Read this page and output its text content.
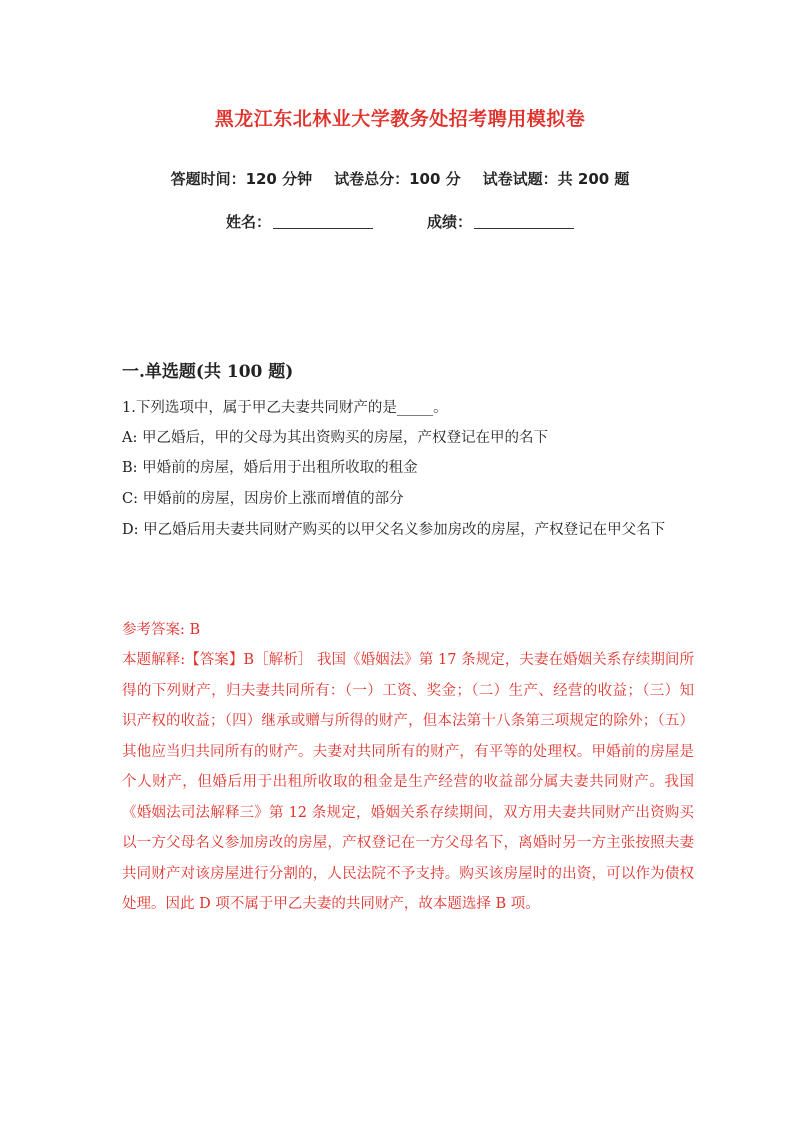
黑龙江东北林业大学教务处招考聘用模拟卷
答题时间：120 分钟 试卷总分：100 分 试卷试题：共 200 题
姓名：	成绩：
一.单选题(共 100 题)
1.下列选项中，属于甲乙夫妻共同财产的是_____。
A: 甲乙婚后，甲的父母为其出资购买的房屋，产权登记在甲的名下
B: 甲婚前的房屋，婚后用于出租所收取的租金
C: 甲婚前的房屋，因房价上涨而增值的部分
D: 甲乙婚后用夫妻共同财产购买的以甲父名义参加房改的房屋，产权登记在甲父名下
参考答案: B
本题解释:【答案】B［解析］ 我国《婚姻法》第 17 条规定，夫妻在婚姻关系存续期间所得的下列财产，归夫妻共同所有：（一）工资、奖金；（二）生产、经营的收益；（三）知识产权的收益；（四）继承或赠与所得的财产，但本法第十八条第三项规定的除外；（五）其他应当归共同所有的财产。夫妻对共同所有的财产，有平等的处理权。甲婚前的房屋是个人财产，但婚后用于出租所收取的租金是生产经营的收益部分属夫妻共同财产。我国《婚姻法司法解释三》第 12 条规定，婚姻关系存续期间，双方用夫妻共同财产出资购买以一方父母名义参加房改的房屋，产权登记在一方父母名下，离婚时另一方主张按照夫妻共同财产对该房屋进行分割的，人民法院不予支持。购买该房屋时的出资，可以作为债权处理。因此 D 项不属于甲乙夫妻的共同财产，故本题选择 B 项。
